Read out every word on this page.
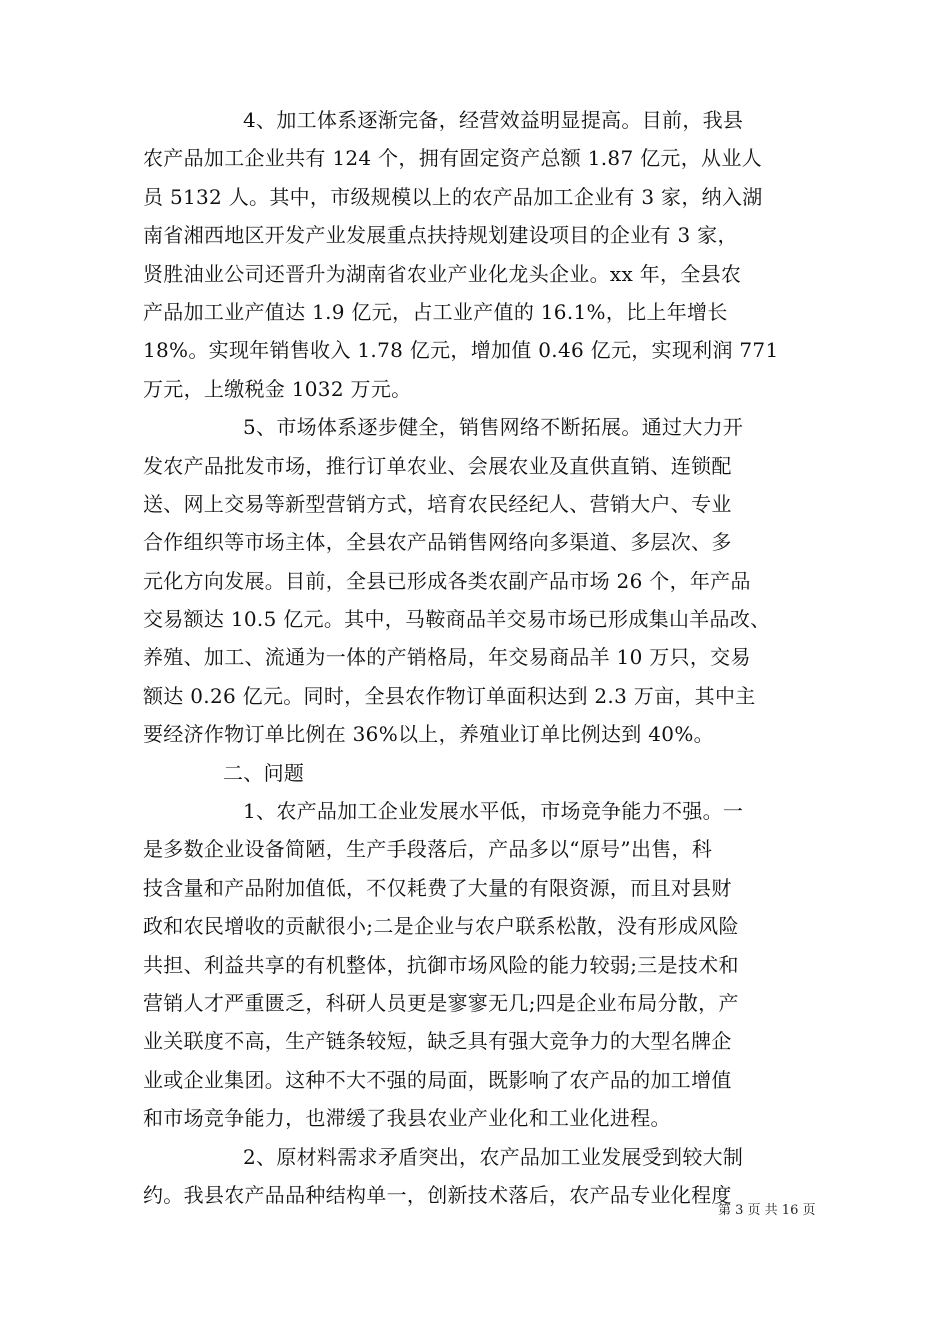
4、加工体系逐渐完备，经营效益明显提高。目前，我县
农产品加工企业共有 124 个，拥有固定资产总额 1.87 亿元，从业人
员 5132 人。其中，市级规模以上的农产品加工企业有 3 家，纳入湖
南省湘西地区开发产业发展重点扶持规划建设项目的企业有 3 家，
贤胜油业公司还晋升为湖南省农业产业化龙头企业。xx 年，全县农
产品加工业产值达 1.9 亿元，占工业产值的 16.1%，比上年增长
18%。实现年销售收入 1.78 亿元，增加值 0.46 亿元，实现利润 771
万元，上缴税金 1032 万元。
5、市场体系逐步健全，销售网络不断拓展。通过大力开
发农产品批发市场，推行订单农业、会展农业及直供直销、连锁配
送、网上交易等新型营销方式，培育农民经纪人、营销大户、专业
合作组织等市场主体，全县农产品销售网络向多渠道、多层次、多
元化方向发展。目前，全县已形成各类农副产品市场 26 个，年产品
交易额达 10.5 亿元。其中，马鞍商品羊交易市场已形成集山羊品改、
养殖、加工、流通为一体的产销格局，年交易商品羊 10 万只，交易
额达 0.26 亿元。同时，全县农作物订单面积达到 2.3 万亩，其中主
要经济作物订单比例在 36%以上，养殖业订单比例达到 40%。
二、问题
1、农产品加工企业发展水平低，市场竞争能力不强。一
是多数企业设备简陋，生产手段落后，产品多以“原号”出售，科
技含量和产品附加值低，不仅耗费了大量的有限资源，而且对县财
政和农民增收的贡献很小;二是企业与农户联系松散，没有形成风险
共担、利益共享的有机整体，抗御市场风险的能力较弱;三是技术和
营销人才严重匮乏，科研人员更是寥寥无几;四是企业布局分散，产
业关联度不高，生产链条较短，缺乏具有强大竞争力的大型名牌企
业或企业集团。这种不大不强的局面，既影响了农产品的加工增值
和市场竞争能力，也滞缓了我县农业产业化和工业化进程。
2、原材料需求矛盾突出，农产品加工业发展受到较大制
约。我县农产品品种结构单一，创新技术落后，农产品专业化程度
第 3 页 共 16 页
